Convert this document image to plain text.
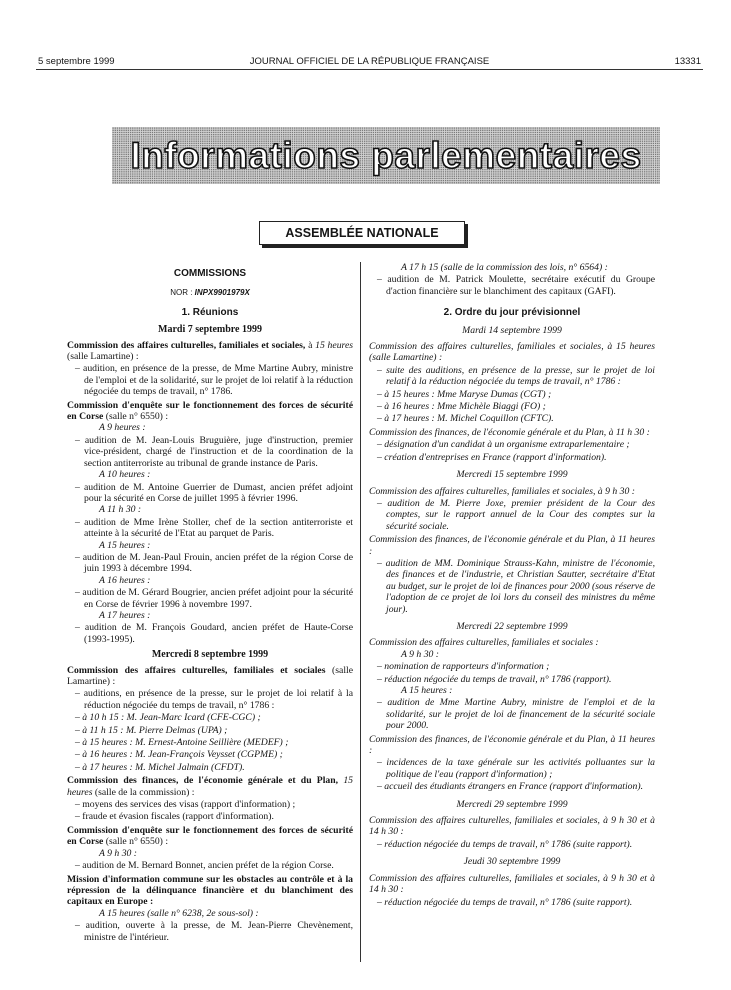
5 septembre 1999	JOURNAL OFFICIEL DE LA RÉPUBLIQUE FRANÇAISE	13331
Informations parlementaires
ASSEMBLÉE NATIONALE
COMMISSIONS
NOR : INPX9901979X
1. Réunions
Mardi 7 septembre 1999

Commission des affaires culturelles, familiales et sociales, à 15 heures (salle Lamartine) :

– audition, en présence de la presse, de Mme Martine Aubry, ministre de l'emploi et de la solidarité, sur le projet de loi relatif à la réduction négociée du temps de travail, n° 1786.

Commission d'enquête sur le fonctionnement des forces de sécurité en Corse (salle n° 6550) :

A 9 heures :

– audition de M. Jean-Louis Bruguière, juge d'instruction, premier vice-président, chargé de l'instruction et de la coordination de la section antiterroriste au tribunal de grande instance de Paris.

A 10 heures :

– audition de M. Antoine Guerrier de Dumast, ancien préfet adjoint pour la sécurité en Corse de juillet 1995 à février 1996.

A 11 h 30 :

– audition de Mme Irène Stoller, chef de la section antiterroriste et atteinte à la sécurité de l'Etat au parquet de Paris.

A 15 heures :

– audition de M. Jean-Paul Frouin, ancien préfet de la région Corse de juin 1993 à décembre 1994.

A 16 heures :

– audition de M. Gérard Bougrier, ancien préfet adjoint pour la sécurité en Corse de février 1996 à novembre 1997.

A 17 heures :

– audition de M. François Goudard, ancien préfet de Haute-Corse (1993-1995).

Mercredi 8 septembre 1999

Commission des affaires culturelles, familiales et sociales (salle Lamartine) :

– auditions, en présence de la presse, sur le projet de loi relatif à la réduction négociée du temps de travail, n° 1786 :

– à 10 h 15 : M. Jean-Marc Icard (CFE-CGC) ;

– à 11 h 15 : M. Pierre Delmas (UPA) ;

– à 15 heures : M. Ernest-Antoine Seillière (MEDEF) ;

– à 16 heures : M. Jean-François Veysset (CGPME) ;

– à 17 heures : M. Michel Jalmain (CFDT).

Commission des finances, de l'économie générale et du Plan, 15 heures (salle de la commission) :

– moyens des services des visas (rapport d'information) ;

– fraude et évasion fiscales (rapport d'information).

Commission d'enquête sur le fonctionnement des forces de sécurité en Corse (salle n° 6550) :

A 9 h 30 :

– audition de M. Bernard Bonnet, ancien préfet de la région Corse.

Mission d'information commune sur les obstacles au contrôle et à la répression de la délinquance financière et du blanchiment des capitaux en Europe :

A 15 heures (salle n° 6238, 2e sous-sol) :

– audition, ouverte à la presse, de M. Jean-Pierre Chevènement, ministre de l'intérieur.

A 17 h 15 (salle de la commission des lois, n° 6564) :

– audition de M. Patrick Moulette, secrétaire exécutif du Groupe d'action financière sur le blanchiment des capitaux (GAFI).

2. Ordre du jour prévisionnel
Mardi 14 septembre 1999

Commission des affaires culturelles, familiales et sociales, à 15 heures (salle Lamartine) :

– suite des auditions, en présence de la presse, sur le projet de loi relatif à la réduction négociée du temps de travail, n° 1786 :

– à 15 heures : Mme Maryse Dumas (CGT) ;

– à 16 heures : Mme Michèle Biaggi (FO) ;

– à 17 heures : M. Michel Coquillon (CFTC).

Commission des finances, de l'économie générale et du Plan, à 11 h 30 :

– désignation d'un candidat à un organisme extraparlementaire ;

– création d'entreprises en France (rapport d'information).

Mercredi 15 septembre 1999

Commission des affaires culturelles, familiales et sociales, à 9 h 30 :

– audition de M. Pierre Joxe, premier président de la Cour des comptes, sur le rapport annuel de la Cour des comptes sur la sécurité sociale.

Commission des finances, de l'économie générale et du Plan, à 11 heures :

– audition de MM. Dominique Strauss-Kahn, ministre de l'économie, des finances et de l'industrie, et Christian Sautter, secrétaire d'Etat au budget, sur le projet de loi de finances pour 2000 (sous réserve de l'adoption de ce projet de loi lors du conseil des ministres du même jour).

Mercredi 22 septembre 1999

Commission des affaires culturelles, familiales et sociales :

A 9 h 30 :

– nomination de rapporteurs d'information ;

– réduction négociée du temps de travail, n° 1786 (rapport).

A 15 heures :

– audition de Mme Martine Aubry, ministre de l'emploi et de la solidarité, sur le projet de loi de financement de la sécurité sociale pour 2000.

Commission des finances, de l'économie générale et du Plan, à 11 heures :

– incidences de la taxe générale sur les activités polluantes sur la politique de l'eau (rapport d'information) ;

– accueil des étudiants étrangers en France (rapport d'information).

Mercredi 29 septembre 1999

Commission des affaires culturelles, familiales et sociales, à 9 h 30 et à 14 h 30 :

– réduction négociée du temps de travail, n° 1786 (suite rapport).

Jeudi 30 septembre 1999

Commission des affaires culturelles, familiales et sociales, à 9 h 30 et à 14 h 30 :

– réduction négociée du temps de travail, n° 1786 (suite rapport).
